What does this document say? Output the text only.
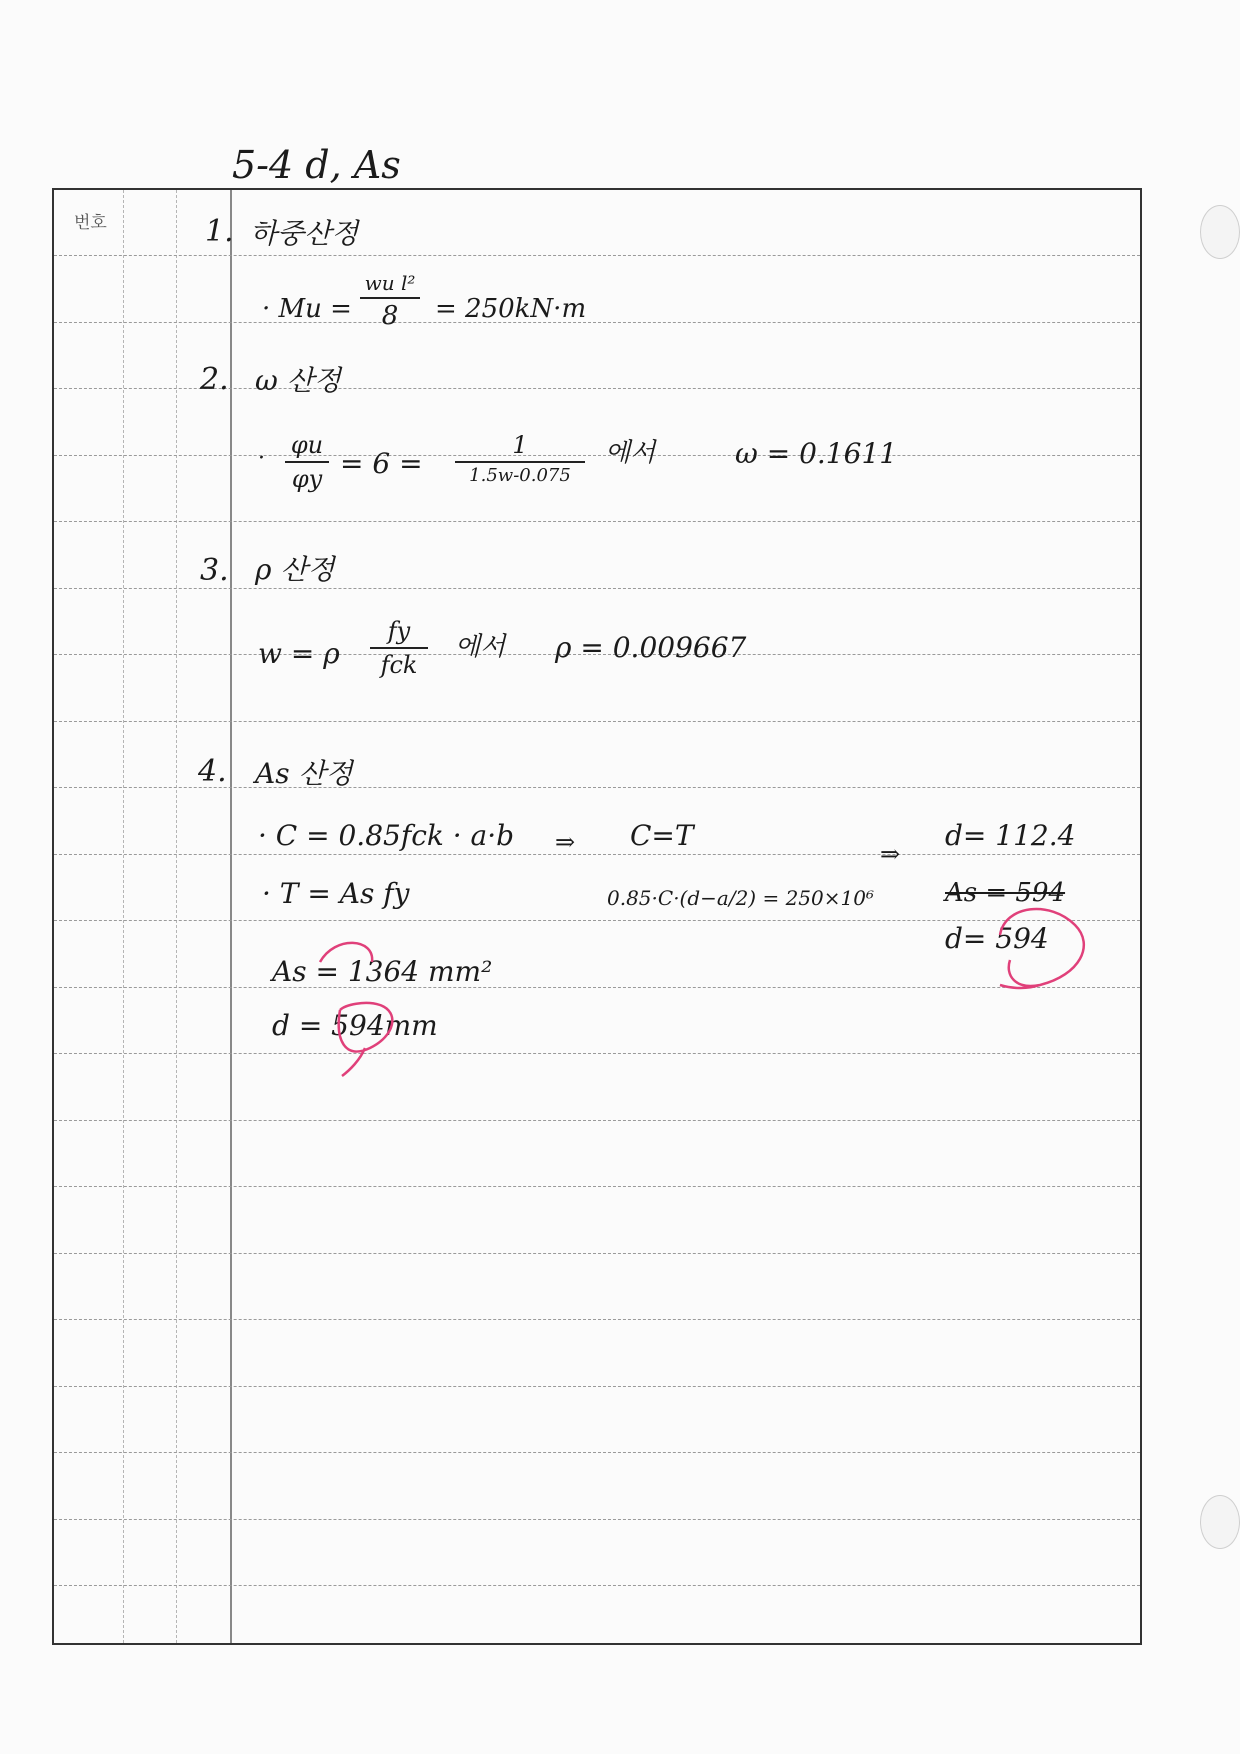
5-4 d, As
번호	1. 하중산정
2. ω 산정
3. ρ 산정
4. As 산정
· Mu =
wu l²
8 = 250kN·m
· φu
φy = 6 =
1
1.5w-0.075
에서	ω = 0.1611
w = ρ
fy
fck
에서 ρ = 0.009667
· C = 0.85fck · a·b ⇒ C=T
⇒
d= 112.4
· T = As fy	0.85·C·(d−a/2) = 250×10⁶	As = 594
d= 594
As = 1364 mm²
d = 594mm
